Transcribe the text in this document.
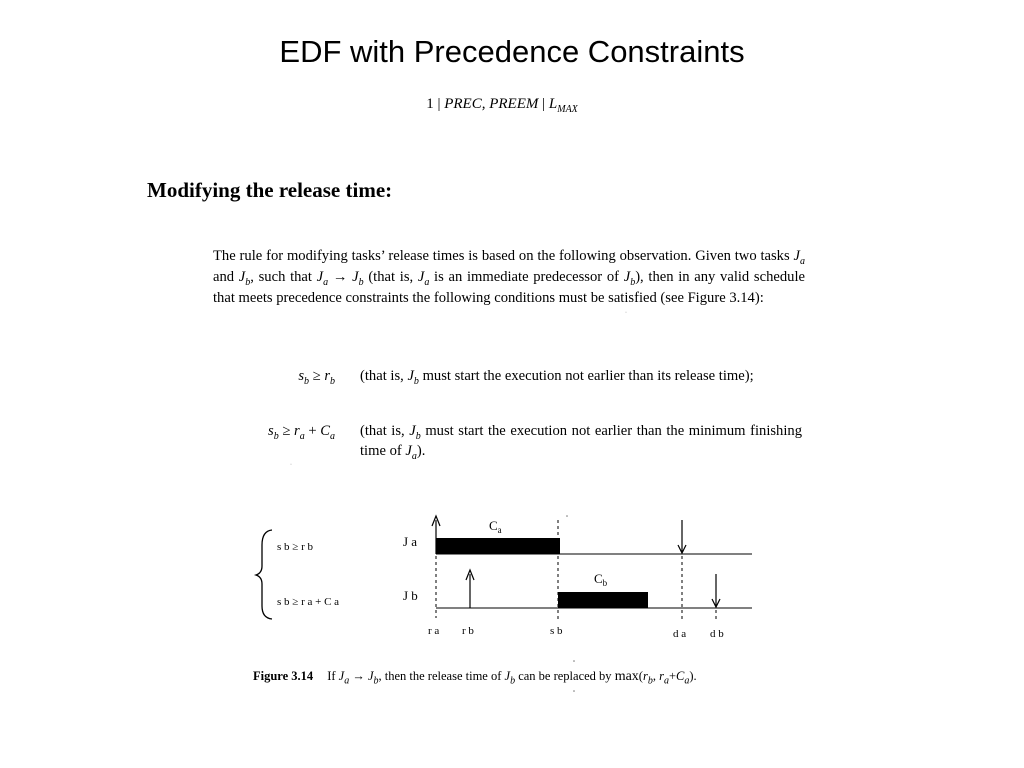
EDF with Precedence Constraints
1 | PREC, PREEM | $L_{MAX}$
Modifying the release time:
The rule for modifying tasks’ release times is based on the following observation. Given two tasks $J_a$ and $J_b$, such that $J_a \to J_b$ (that is, $J_a$ is an immediate predecessor of $J_b$), then in any valid schedule that meets precedence constraints the following conditions must be satisfied (see Figure 3.14):
$s_b \ge r_b$ (that is, $J_b$ must start the execution not earlier than its release time);
$s_b \ge r_a + C_a$ (that is, $J_b$ must start the execution not earlier than the minimum finishing time of $J_a$).
·
·
s b ≥ r b
s b ≥ r a + C a
J a
J b
$C_a$
$C_b$
r a r b	s b	d a d b
Figure 3.14 If $J_a \to J_b$, then the release time of $J_b$ can be replaced by $\max(r_b$, $r_a+C_a$).
